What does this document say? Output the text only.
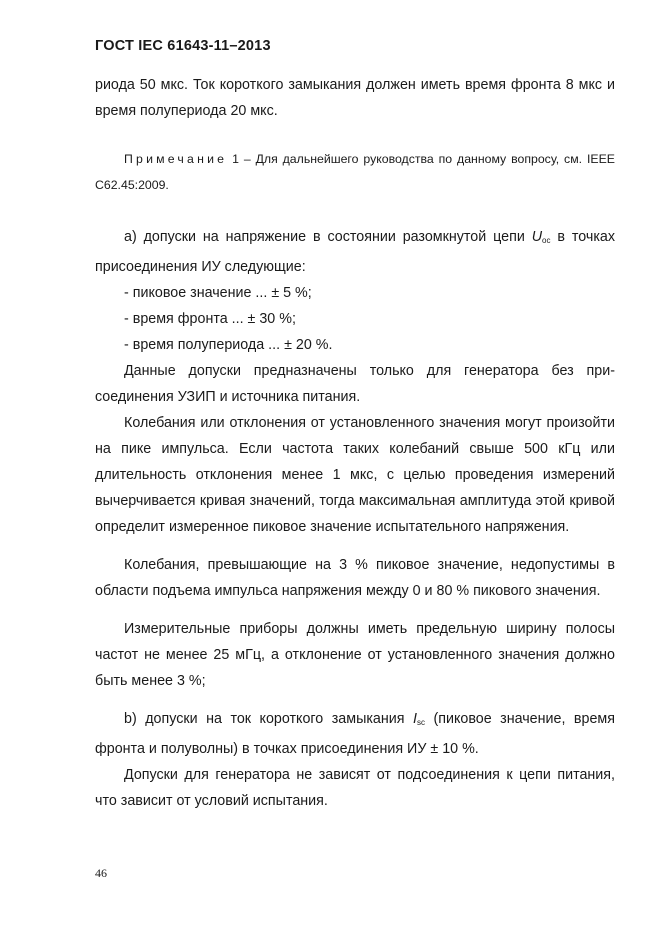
ГОСТ IEC 61643-11–2013

риода 50 мкс. Ток короткого замыкания должен иметь время фронта 8 мкс и время полупериода 20 мкс.

Примечание 1 – Для дальнейшего руководства по данному вопросу, см. IEEE C62.45:2009.

a) допуски на напряжение в состоянии разомкнутой цепи $U_{oc}$ в точках присоединения ИУ следующие:

- пиковое значение ... ± 5 %;

- время фронта ... ± 30 %;

- время полупериода ... ± 20 %.

Данные допуски предназначены только для генератора без присоединения УЗИП и источника питания.

Колебания или отклонения от установленного значения могут произойти на пике импульса. Если частота таких колебаний свыше 500 кГц или длительность отклонения менее 1 мкс, с целью проведения измерений вычерчивается кривая значений, тогда максимальная амплитуда этой кривой определит измеренное пиковое значение испытательного напряжения.

Колебания, превышающие на 3 % пиковое значение, недопустимы в области подъема импульса напряжения между 0 и 80 % пикового значения.

Измерительные приборы должны иметь предельную ширину полосы частот не менее 25 мГц, а отклонение от установленного значения должно быть менее 3 %;

b) допуски на ток короткого замыкания $I_{sc}$ (пиковое значение, время фронта и полуволны) в точках присоединения ИУ ± 10 %.

Допуски для генератора не зависят от подсоединения к цепи питания, что зависит от условий испытания.

46
